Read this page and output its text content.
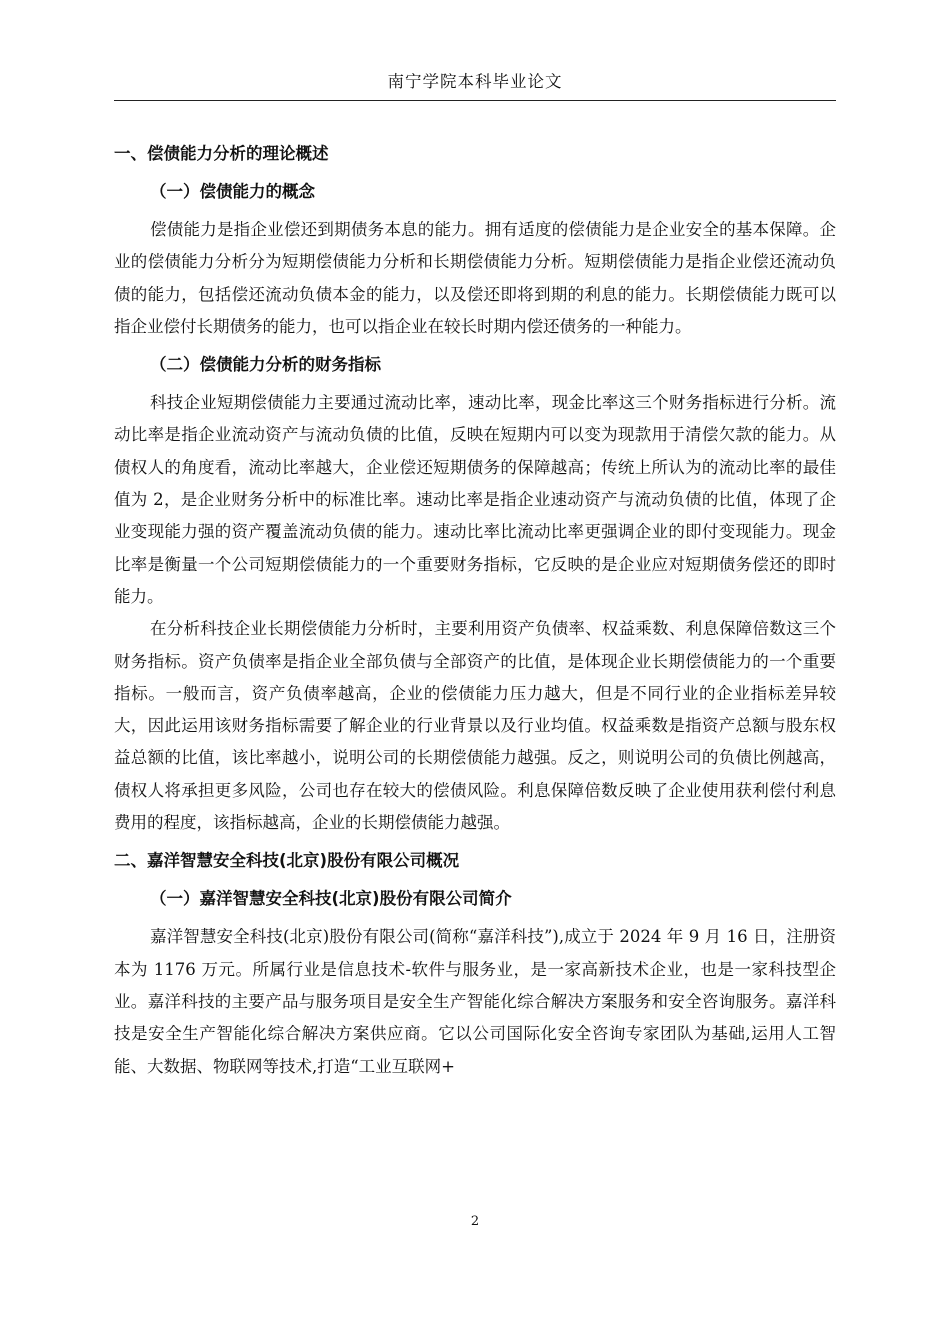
南宁学院本科毕业论文
一、偿债能力分析的理论概述
（一）偿债能力的概念

偿债能力是指企业偿还到期债务本息的能力。拥有适度的偿债能力是企业安全的基本保障。企业的偿债能力分析分为短期偿债能力分析和长期偿债能力分析。短期偿债能力是指企业偿还流动负债的能力，包括偿还流动负债本金的能力，以及偿还即将到期的利息的能力。长期偿债能力既可以指企业偿付长期债务的能力，也可以指企业在较长时期内偿还债务的一种能力。

（二）偿债能力分析的财务指标

科技企业短期偿债能力主要通过流动比率，速动比率，现金比率这三个财务指标进行分析。流动比率是指企业流动资产与流动负债的比值，反映在短期内可以变为现款用于清偿欠款的能力。从债权人的角度看，流动比率越大，企业偿还短期债务的保障越高；传统上所认为的流动比率的最佳值为 2，是企业财务分析中的标准比率。速动比率是指企业速动资产与流动负债的比值，体现了企业变现能力强的资产覆盖流动负债的能力。速动比率比流动比率更强调企业的即付变现能力。现金比率是衡量一个公司短期偿债能力的一个重要财务指标，它反映的是企业应对短期债务偿还的即时能力。

在分析科技企业长期偿债能力分析时，主要利用资产负债率、权益乘数、利息保障倍数这三个财务指标。资产负债率是指企业全部负债与全部资产的比值，是体现企业长期偿债能力的一个重要指标。一般而言，资产负债率越高，企业的偿债能力压力越大，但是不同行业的企业指标差异较大，因此运用该财务指标需要了解企业的行业背景以及行业均值。权益乘数是指资产总额与股东权益总额的比值，该比率越小，说明公司的长期偿债能力越强。反之，则说明公司的负债比例越高，债权人将承担更多风险，公司也存在较大的偿债风险。利息保障倍数反映了企业使用获利偿付利息费用的程度，该指标越高，企业的长期偿债能力越强。

二、嘉洋智慧安全科技(北京)股份有限公司概况
（一）嘉洋智慧安全科技(北京)股份有限公司简介

嘉洋智慧安全科技(北京)股份有限公司(简称“嘉洋科技”),成立于 2024 年 9 月 16 日，注册资本为 1176 万元。所属行业是信息技术-软件与服务业，是一家高新技术企业，也是一家科技型企业。嘉洋科技的主要产品与服务项目是安全生产智能化综合解决方案服务和安全咨询服务。嘉洋科技是安全生产智能化综合解决方案供应商。它以公司国际化安全咨询专家团队为基础,运用人工智能、大数据、物联网等技术,打造“工业互联网+

2
